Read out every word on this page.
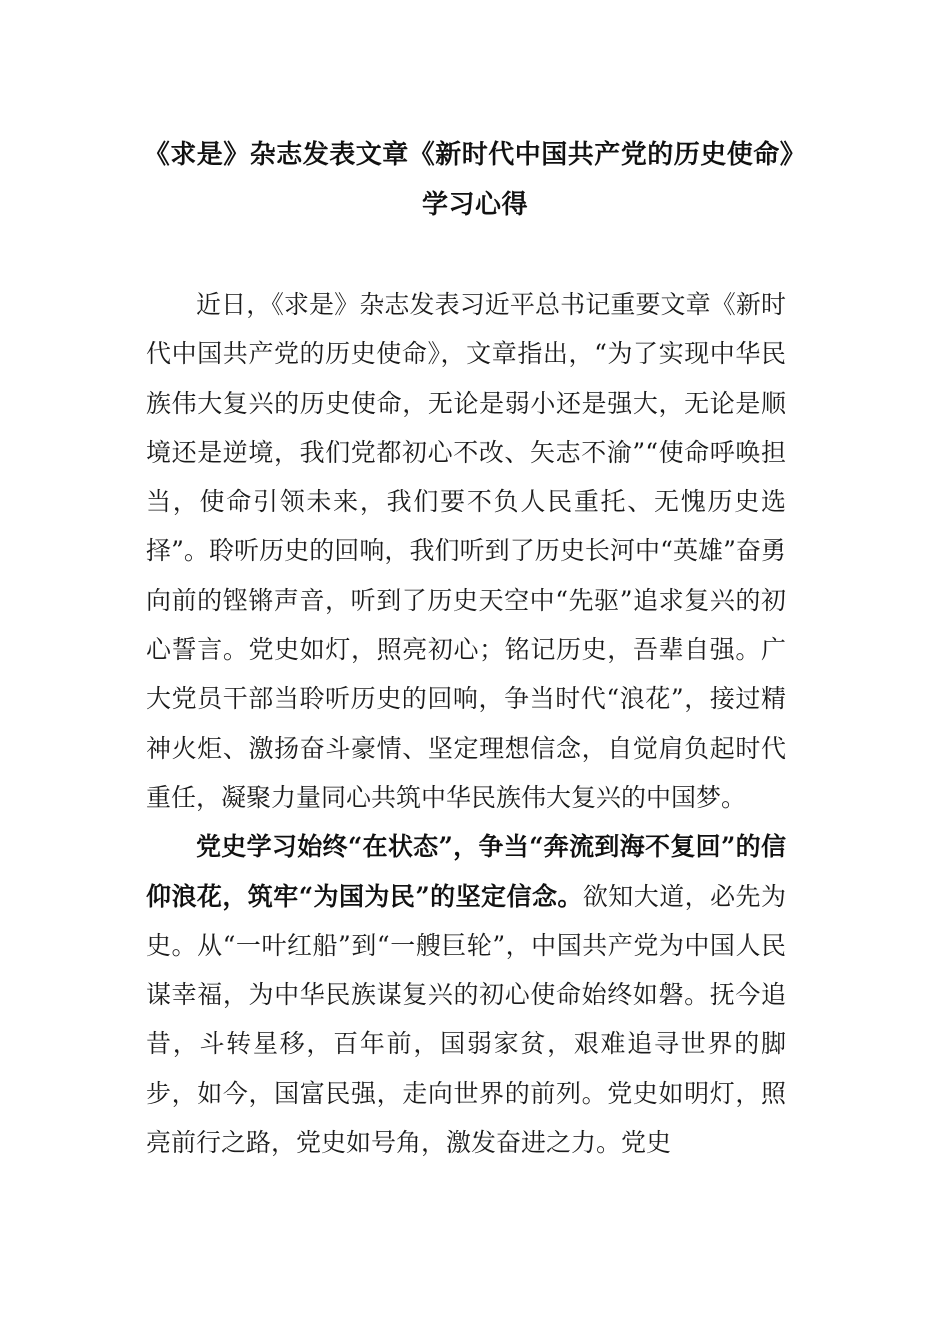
《求是》杂志发表文章《新时代中国共产党的历史使命》
学习心得

近日，《求是》杂志发表习近平总书记重要文章《新时代中国共产党的历史使命》，文章指出，“为了实现中华民族伟大复兴的历史使命，无论是弱小还是强大，无论是顺境还是逆境，我们党都初心不改、矢志不渝”“使命呼唤担当，使命引领未来，我们要不负人民重托、无愧历史选择”。聆听历史的回响，我们听到了历史长河中“英雄”奋勇向前的铿锵声音，听到了历史天空中“先驱”追求复兴的初心誓言。党史如灯，照亮初心；铭记历史，吾辈自强。广大党员干部当聆听历史的回响，争当时代“浪花”，接过精神火炬、激扬奋斗豪情、坚定理想信念，自觉肩负起时代重任，凝聚力量同心共筑中华民族伟大复兴的中国梦。

党史学习始终“在状态”，争当“奔流到海不复回”的信仰浪花，筑牢“为国为民”的坚定信念。欲知大道，必先为史。从“一叶红船”到“一艘巨轮”，中国共产党为中国人民谋幸福，为中华民族谋复兴的初心使命始终如磐。抚今追昔，斗转星移，百年前，国弱家贫，艰难追寻世界的脚步，如今，国富民强，走向世界的前列。党史如明灯，照亮前行之路，党史如号角，激发奋进之力。党史
